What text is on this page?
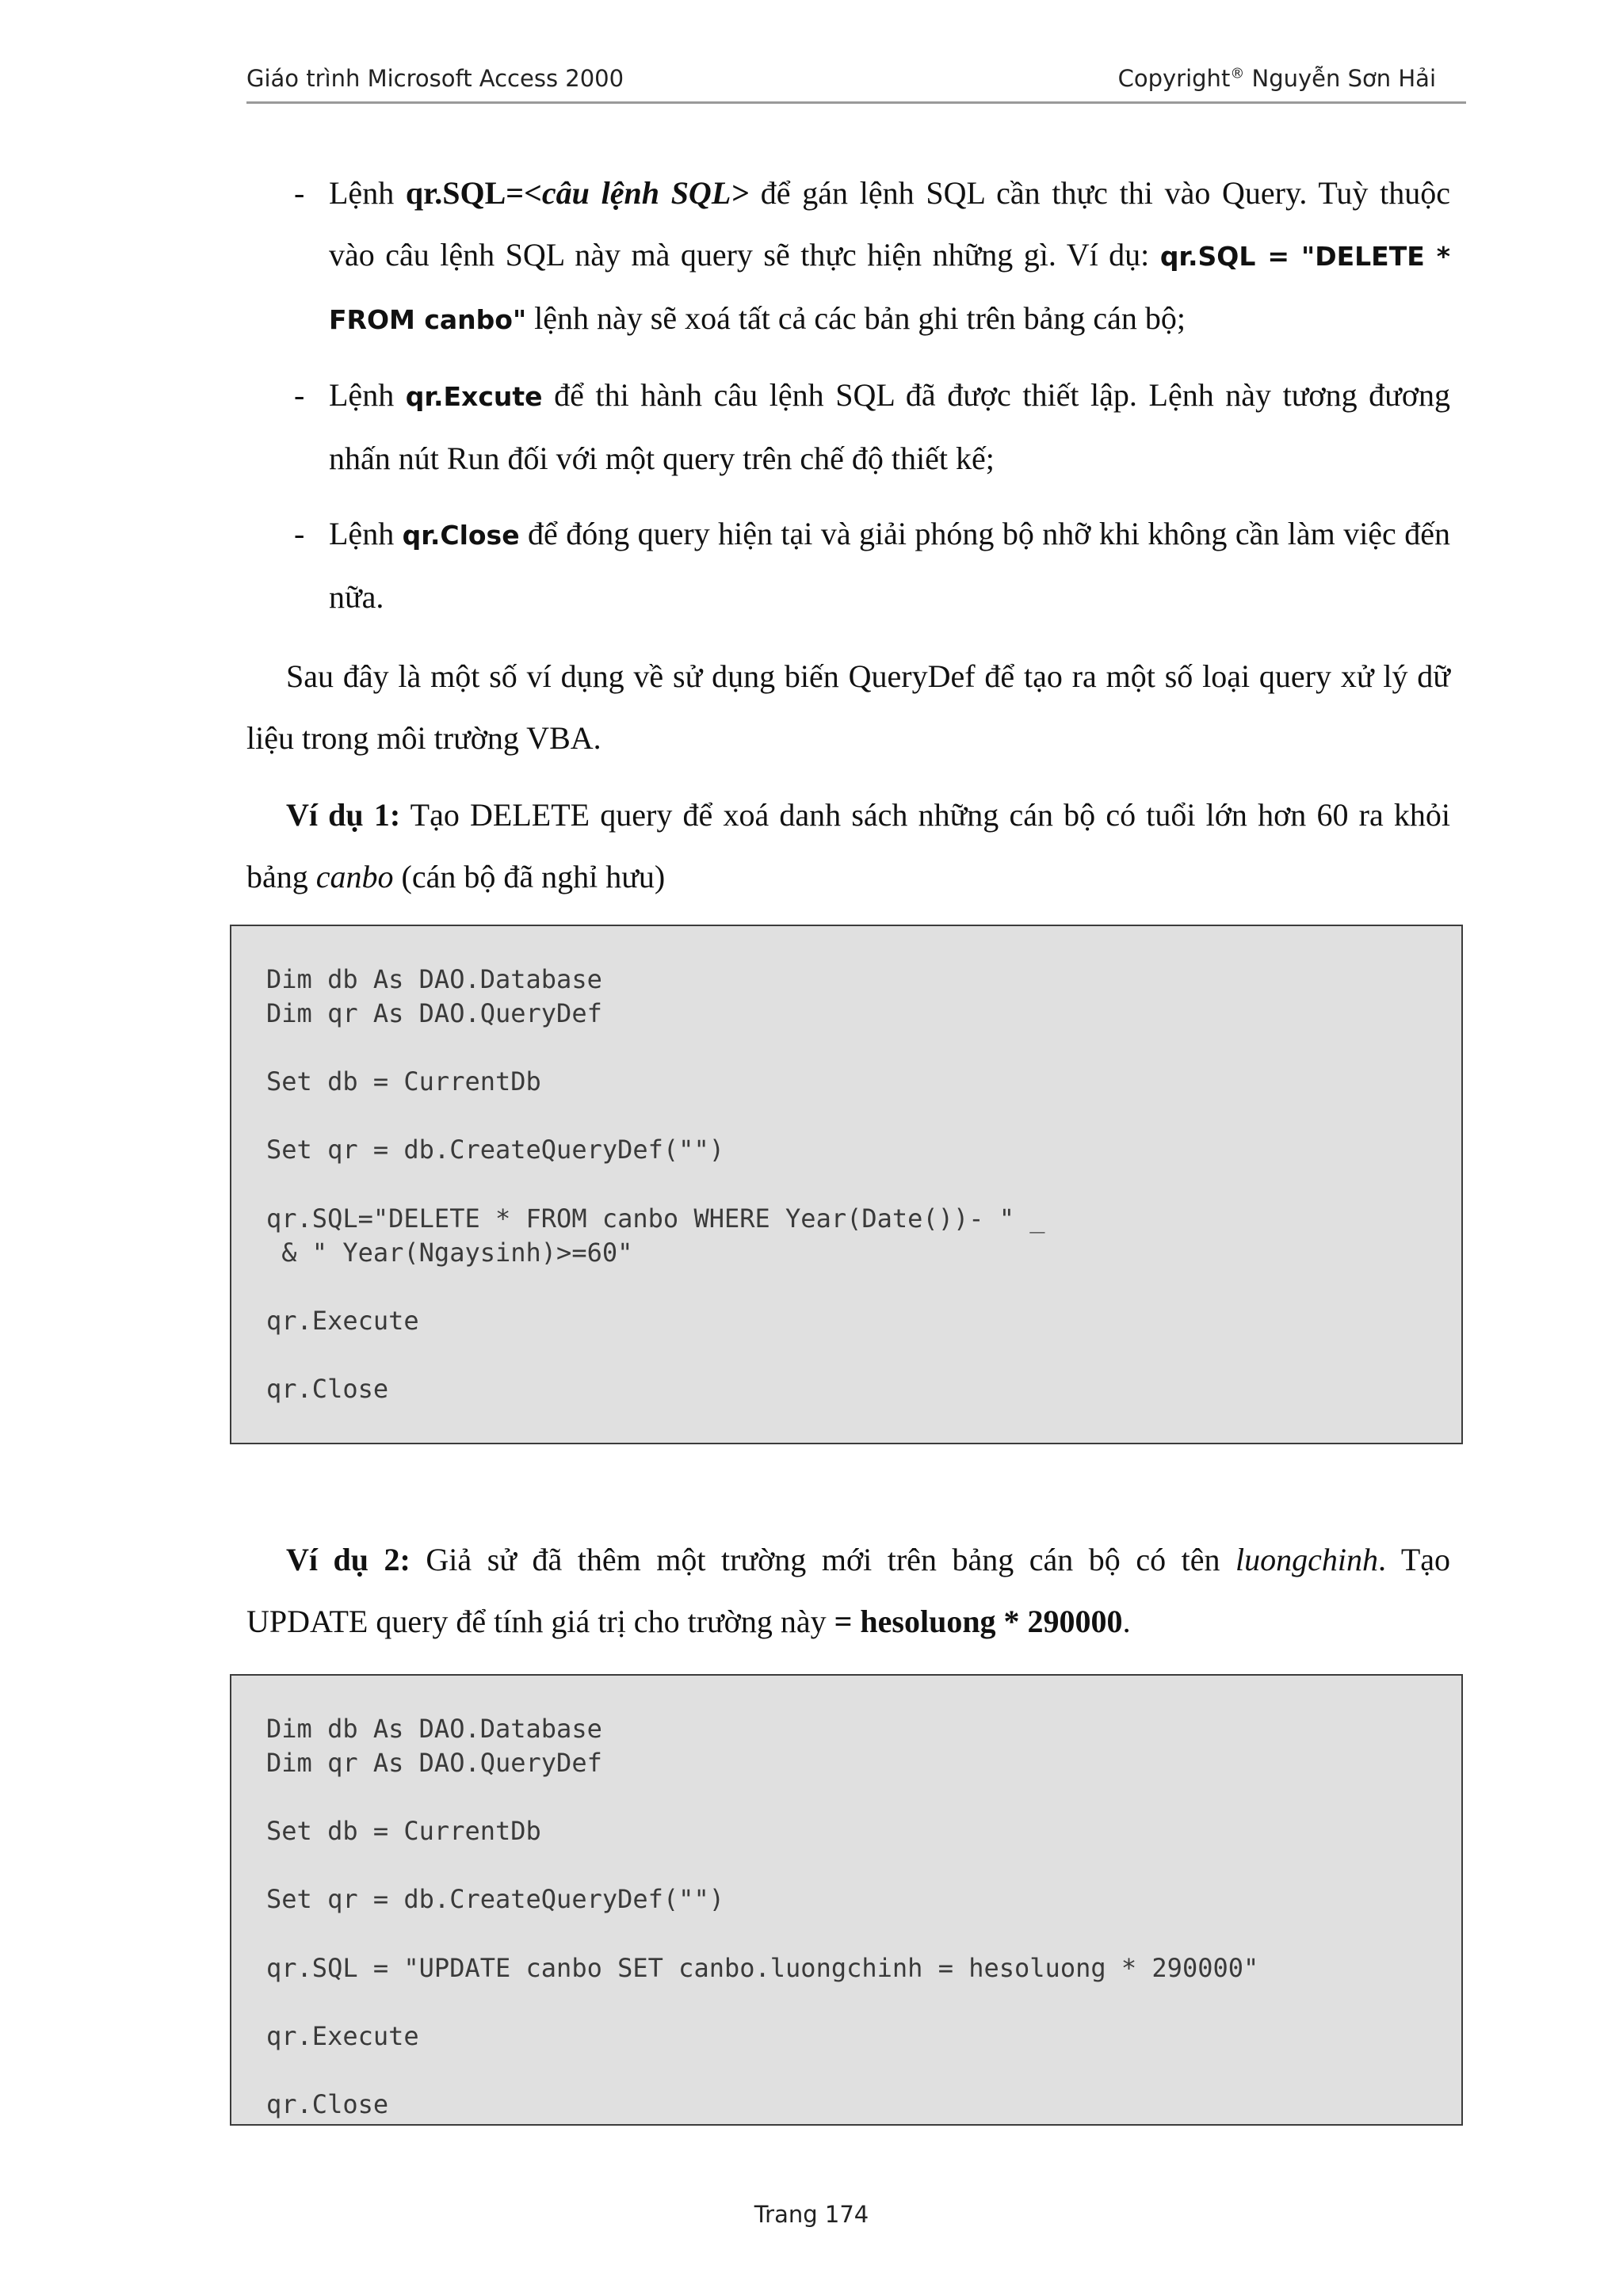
Giáo trình Microsoft Access 2000	Copyright® Nguyễn Sơn Hải
- Lệnh qr.SQL=<câu lệnh SQL> để gán lệnh SQL cần thực thi vào Query. Tuỳ thuộc vào câu lệnh SQL này mà query sẽ thực hiện những gì. Ví dụ: qr.SQL = "DELETE * FROM canbo" lệnh này sẽ xoá tất cả các bản ghi trên bảng cán bộ;
- Lệnh qr.Excute để thi hành câu lệnh SQL đã được thiết lập. Lệnh này tương đương nhấn nút Run đối với một query trên chế độ thiết kế;
- Lệnh qr.Close để đóng query hiện tại và giải phóng bộ nhỡ khi không cần làm việc đến nữa.
Sau đây là một số ví dụng về sử dụng biến QueryDef để tạo ra một số loại query xử lý dữ liệu trong môi trường VBA.
Ví dụ 1: Tạo DELETE query để xoá danh sách những cán bộ có tuổi lớn hơn 60 ra khỏi bảng canbo (cán bộ đã nghỉ hưu)
Dim db As DAO.Database
Dim qr As DAO.QueryDef
Set db = CurrentDb
Set qr = db.CreateQueryDef("")
qr.SQL="DELETE * FROM canbo WHERE Year(Date())- " _
& " Year(Ngaysinh)>=60"
qr.Execute
qr.Close
Ví dụ 2: Giả sử đã thêm một trường mới trên bảng cán bộ có tên luongchinh. Tạo UPDATE query để tính giá trị cho trường này = hesoluong * 290000.
Dim db As DAO.Database
Dim qr As DAO.QueryDef
Set db = CurrentDb
Set qr = db.CreateQueryDef("")
qr.SQL = "UPDATE canbo SET canbo.luongchinh = hesoluong * 290000"
qr.Execute
qr.Close
Trang 174
